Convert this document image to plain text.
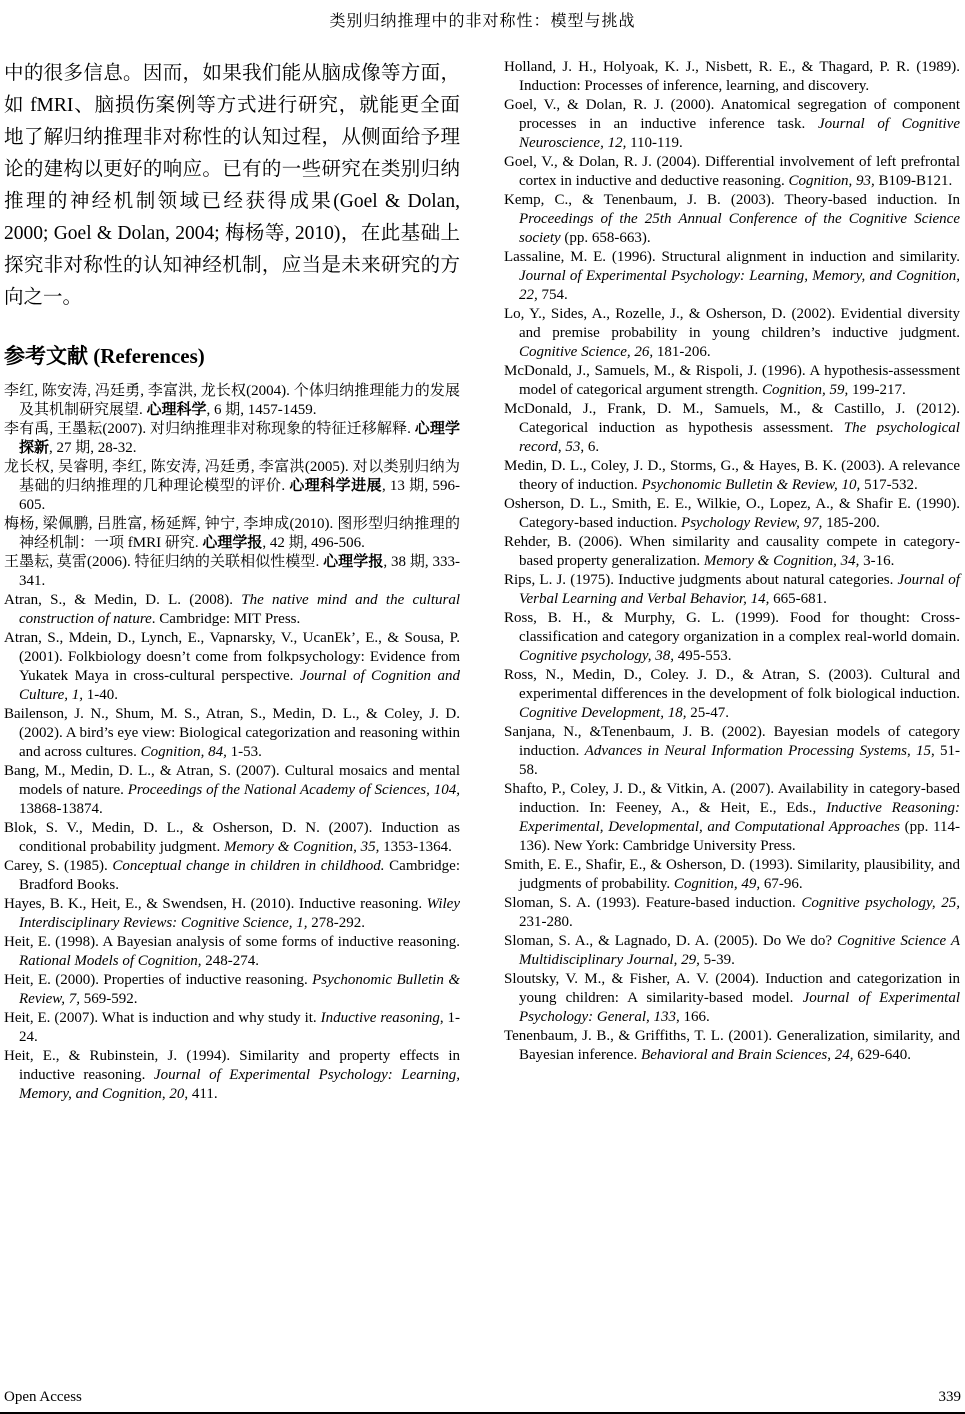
类别归纳推理中的非对称性：模型与挑战

中的很多信息。因而，如果我们能从脑成像等方面，如 fMRI、脑损伤案例等方式进行研究，就能更全面地了解归纳推理非对称性的认知过程，从侧面给予理论的建构以更好的响应。已有的一些研究在类别归纳推理的神经机制领域已经获得成果(Goel & Dolan, 2000; Goel & Dolan, 2004; 梅杨等, 2010)，在此基础上探究非对称性的认知神经机制，应当是未来研究的方向之一。

参考文献 (References)

李红, 陈安涛, 冯廷勇, 李富洪, 龙长权(2004). 个体归纳推理能力的发展及其机制研究展望. 心理科学, 6 期, 1457-1459.

李有禹, 王墨耘(2007). 对归纳推理非对称现象的特征迁移解释. 心理学探新, 27 期, 28-32.

龙长权, 吴睿明, 李红, 陈安涛, 冯廷勇, 李富洪(2005). 对以类别归纳为基础的归纳推理的几种理论模型的评价. 心理科学进展, 13 期, 596-605.

梅杨, 梁佩鹏, 吕胜富, 杨延辉, 钟宁, 李坤成(2010). 图形型归纳推理的神经机制：一项 fMRI 研究. 心理学报, 42 期, 496-506.

王墨耘, 莫雷(2006). 特征归纳的关联相似性模型. 心理学报, 38 期, 333-341.

Atran, S., & Medin, D. L. (2008). The native mind and the cultural construction of nature. Cambridge: MIT Press.

Atran, S., Mdein, D., Lynch, E., Vapnarsky, V., UcanEk’, E., & Sousa, P. (2001). Folkbiology doesn’t come from folkpsychology: Evidence from Yukatek Maya in cross-cultural perspective. Journal of Cognition and Culture, 1, 1-40.

Bailenson, J. N., Shum, M. S., Atran, S., Medin, D. L., & Coley, J. D. (2002). A bird’s eye view: Biological categorization and reasoning within and across cultures. Cognition, 84, 1-53.

Bang, M., Medin, D. L., & Atran, S. (2007). Cultural mosaics and mental models of nature. Proceedings of the National Academy of Sciences, 104, 13868-13874.

Blok, S. V., Medin, D. L., & Osherson, D. N. (2007). Induction as conditional probability judgment. Memory & Cognition, 35, 1353-1364.

Carey, S. (1985). Conceptual change in children in childhood. Cambridge: Bradford Books.

Hayes, B. K., Heit, E., & Swendsen, H. (2010). Inductive reasoning. Wiley Interdisciplinary Reviews: Cognitive Science, 1, 278-292.

Heit, E. (1998). A Bayesian analysis of some forms of inductive reasoning. Rational Models of Cognition, 248-274.

Heit, E. (2000). Properties of inductive reasoning. Psychonomic Bulletin & Review, 7, 569-592.

Heit, E. (2007). What is induction and why study it. Inductive reasoning, 1-24.

Heit, E., & Rubinstein, J. (1994). Similarity and property effects in inductive reasoning. Journal of Experimental Psychology: Learning, Memory, and Cognition, 20, 411.

Holland, J. H., Holyoak, K. J., Nisbett, R. E., & Thagard, P. R. (1989). Induction: Processes of inference, learning, and discovery.

Goel, V., & Dolan, R. J. (2000). Anatomical segregation of component processes in an inductive inference task. Journal of Cognitive Neuroscience, 12, 110-119.

Goel, V., & Dolan, R. J. (2004). Differential involvement of left prefrontal cortex in inductive and deductive reasoning. Cognition, 93, B109-B121.

Kemp, C., & Tenenbaum, J. B. (2003). Theory-based induction. In Proceedings of the 25th Annual Conference of the Cognitive Science society (pp. 658-663).

Lassaline, M. E. (1996). Structural alignment in induction and similarity. Journal of Experimental Psychology: Learning, Memory, and Cognition, 22, 754.

Lo, Y., Sides, A., Rozelle, J., & Osherson, D. (2002). Evidential diversity and premise probability in young children’s inductive judgment. Cognitive Science, 26, 181-206.

McDonald, J., Samuels, M., & Rispoli, J. (1996). A hypothesis-assessment model of categorical argument strength. Cognition, 59, 199-217.

McDonald, J., Frank, D. M., Samuels, M., & Castillo, J. (2012). Categorical induction as hypothesis assessment. The psychological record, 53, 6.

Medin, D. L., Coley, J. D., Storms, G., & Hayes, B. K. (2003). A relevance theory of induction. Psychonomic Bulletin & Review, 10, 517-532.

Osherson, D. L., Smith, E. E., Wilkie, O., Lopez, A., & Shafir E. (1990). Category-based induction. Psychology Review, 97, 185-200.

Rehder, B. (2006). When similarity and causality compete in category-based property generalization. Memory & Cognition, 34, 3-16.

Rips, L. J. (1975). Inductive judgments about natural categories. Journal of Verbal Learning and Verbal Behavior, 14, 665-681.

Ross, B. H., & Murphy, G. L. (1999). Food for thought: Cross-classification and category organization in a complex real-world domain. Cognitive psychology, 38, 495-553.

Ross, N., Medin, D., Coley. J. D., & Atran, S. (2003). Cultural and experimental differences in the development of folk biological induction. Cognitive Development, 18, 25-47.

Sanjana, N., &Tenenbaum, J. B. (2002). Bayesian models of category induction. Advances in Neural Information Processing Systems, 15, 51-58.

Shafto, P., Coley, J. D., & Vitkin, A. (2007). Availability in category-based induction. In: Feeney, A., & Heit, E., Eds., Inductive Reasoning: Experimental, Developmental, and Computational Approaches (pp. 114-136). New York: Cambridge University Press.

Smith, E. E., Shafir, E., & Osherson, D. (1993). Similarity, plausibility, and judgments of probability. Cognition, 49, 67-96.

Sloman, S. A. (1993). Feature-based induction. Cognitive psychology, 25, 231-280.

Sloman, S. A., & Lagnado, D. A. (2005). Do We do? Cognitive Science A Multidisciplinary Journal, 29, 5-39.

Sloutsky, V. M., & Fisher, A. V. (2004). Induction and categorization in young children: A similarity-based model. Journal of Experimental Psychology: General, 133, 166.

Tenenbaum, J. B., & Griffiths, T. L. (2001). Generalization, similarity, and Bayesian inference. Behavioral and Brain Sciences, 24, 629-640.

Open Access	339
